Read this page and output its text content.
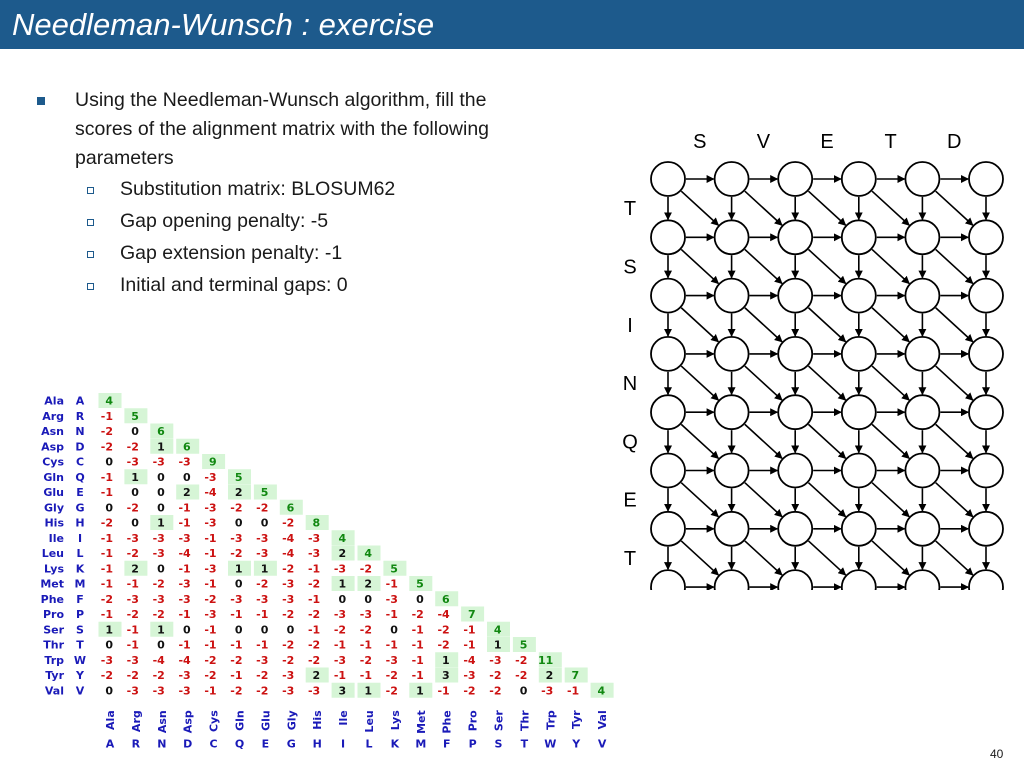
Needleman-Wunsch : exercise
Using the Needleman-Wunsch algorithm, fill the scores of the alignment matrix with the following parameters
Substitution matrix: BLOSUM62
Gap opening penalty: -5
Gap extension penalty: -1
Initial and terminal gaps: 0
Ala A 4
Arg R -1 5
Asn N -2 0 6
Asp D -2 -2 1 6
Cys C 0 -3 -3 -3 9
Gln Q -1 1 0 0 -3 5
Glu E -1 0 0 2 -4 2 5
Gly G 0 -2 0 -1 -3 -2 -2 6
His H -2 0 1 -1 -3 0 0 -2 8
Ile I -1 -3 -3 -3 -1 -3 -3 -4 -3 4
Leu L -1 -2 -3 -4 -1 -2 -3 -4 -3 2 4
Lys K -1 2 0 -1 -3 1 1 -2 -1 -3 -2 5
Met M -1 -1 -2 -3 -1 0 -2 -3 -2 1 2 -1 5
Phe F -2 -3 -3 -3 -2 -3 -3 -3 -1 0 0 -3 0 6
Pro P -1 -2 -2 -1 -3 -1 -1 -2 -2 -3 -3 -1 -2 -4 7
Ser S 1 -1 1 0 -1 0 0 0 -1 -2 -2 0 -1 -2 -1 4
Thr T 0 -1 0 -1 -1 -1 -1 -2 -2 -1 -1 -1 -1 -2 -1 1 5
Trp W -3 -3 -4 -4 -2 -2 -3 -2 -2 -3 -2 -3 -1 1 -4 -3 -2 11
Tyr Y -2 -2 -2 -3 -2 -1 -2 -3 2 -1 -1 -2 -1 3 -3 -2 -2 2 7
Val V 0 -3 -3 -3 -1 -2 -2 -3 -3 3 1 -2 1 -1 -2 -2 0 -3 -1 4
Ala
A
Arg
R
Asn
N
Asp
D
Cys
C
Gln
Q
Glu
E
Gly
G
His
H
Ile
I
Leu
L
Lys
K
Met
M
Phe
F
Pro
P
Ser
S
Thr
T
Trp
W
Tyr
Y
Val
V
S	V	E	T	D
T
S
I
N
Q
E
T
40
